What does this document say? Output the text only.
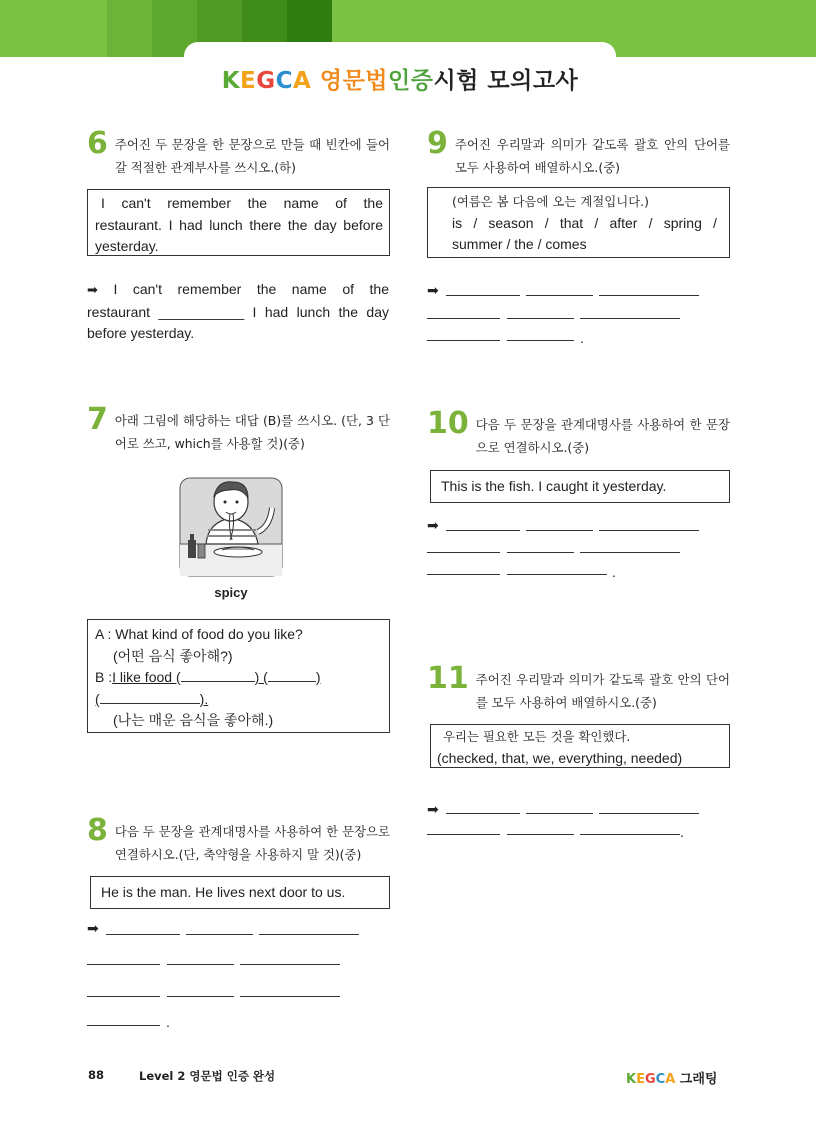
KEGCA 영문법인증시험 모의고사
6 주어진 두 문장을 한 문장으로 만들 때 빈칸에 들어갈 적절한 관계부사를 쓰시오.(하)

I can't remember the name of the

restaurant. I had lunch there the day before

yesterday.

➡ I can't remember the name of the

restaurant ___________ I had lunch the day

before yesterday.

7 아래 그림에 해당하는 대답 (B)를 쓰시오. (단, 3 단어로 쓰고, which를 사용할 것)(중)
spicy

A : What kind of food do you like?

(어떤 음식 좋아해?)

B :I like food (	) (	)

(	).

(나는 매운 음식을 좋아해.)

8 다음 두 문장을 관계대명사를 사용하여 한 문장으로 연결하시오.(단, 축약형을 사용하지 말 것)(중)

He is the man. He lives next door to us.

➡
.
9 주어진 우리말과 의미가 같도록 괄호 안의 단어를 모두 사용하여 배열하시오.(중)

(여름은 봄 다음에 오는 계절입니다.)

is / season / that / after / spring /

summer / the / comes

➡
.
10 다음 두 문장을 관계대명사를 사용하여 한 문장으로 연결하시오.(중)

This is the fish. I caught it yesterday.

➡
.
11 주어진 우리말과 의미가 같도록 괄호 안의 단어를 모두 사용하여 배열하시오.(중)

우리는 필요한 모든 것을 확인했다.

(checked, that, we, everything, needed)

➡
.
88	Level 2 영문법 인증 완성	KEGCA 그래팅
